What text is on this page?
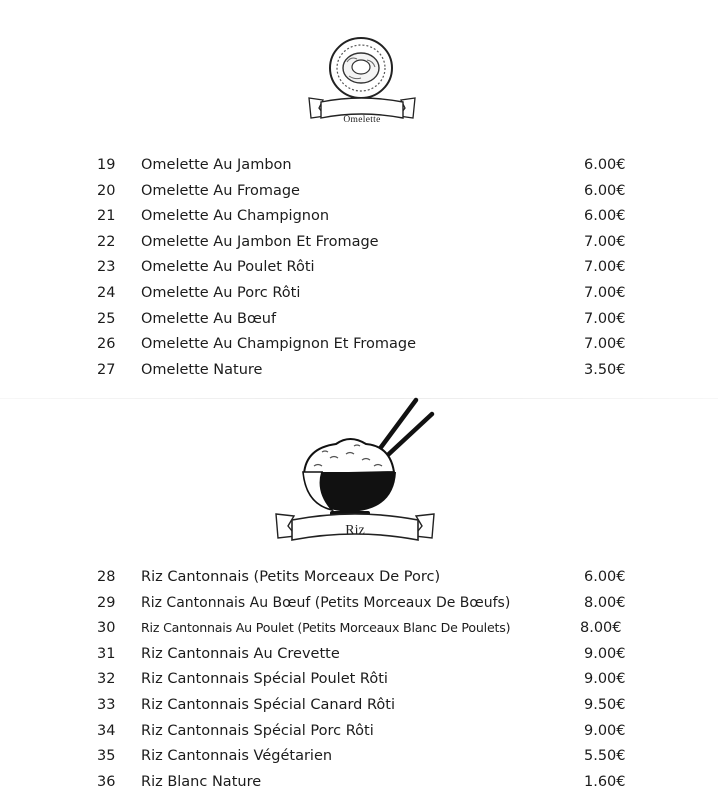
Omelette
19 Omelette Au Jambon	6.00€
20 Omelette Au Fromage	6.00€
21 Omelette Au Champignon	6.00€
22 Omelette Au Jambon Et Fromage	7.00€
23 Omelette Au Poulet Rôti	7.00€
24 Omelette Au Porc Rôti	7.00€
25 Omelette Au Bœuf	7.00€
26 Omelette Au Champignon Et Fromage	7.00€
27 Omelette Nature	3.50€
Riz
28 Riz Cantonnais (Petits Morceaux De Porc)	6.00€
29 Riz Cantonnais Au Bœuf (Petits Morceaux De Bœufs)	8.00€
30 Riz Cantonnais Au Poulet (Petits Morceaux Blanc De Poulets)	8.00€
31 Riz Cantonnais Au Crevette	9.00€
32 Riz Cantonnais Spécial Poulet Rôti	9.00€
33 Riz Cantonnais Spécial Canard Rôti	9.50€
34 Riz Cantonnais Spécial Porc Rôti	9.00€
35 Riz Cantonnais Végétarien	5.50€
36 Riz Blanc Nature	1.60€
